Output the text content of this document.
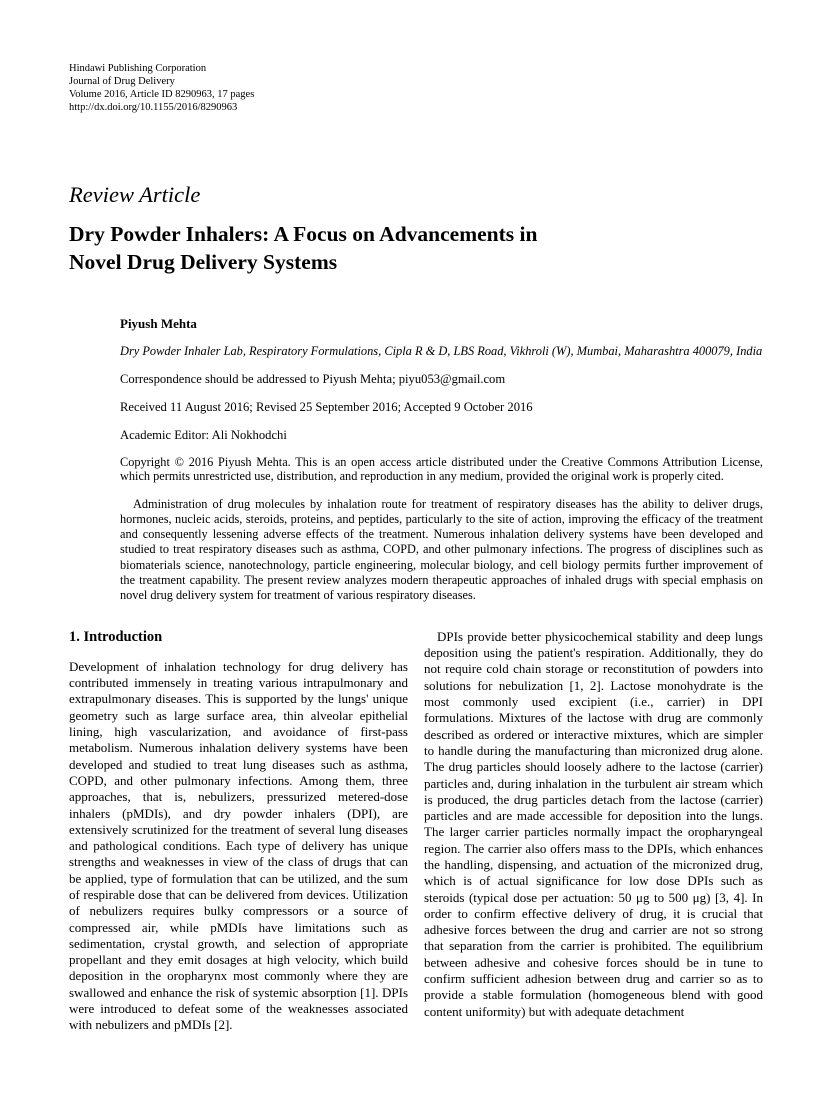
Hindawi Publishing Corporation
Journal of Drug Delivery
Volume 2016, Article ID 8290963, 17 pages
http://dx.doi.org/10.1155/2016/8290963
Review Article
Dry Powder Inhalers: A Focus on Advancements in
Novel Drug Delivery Systems
Piyush Mehta
Dry Powder Inhaler Lab, Respiratory Formulations, Cipla R & D, LBS Road, Vikhroli (W), Mumbai, Maharashtra 400079, India
Correspondence should be addressed to Piyush Mehta; piyu053@gmail.com
Received 11 August 2016; Revised 25 September 2016; Accepted 9 October 2016
Academic Editor: Ali Nokhodchi

Copyright © 2016 Piyush Mehta. This is an open access article distributed under the Creative Commons Attribution License, which permits unrestricted use, distribution, and reproduction in any medium, provided the original work is properly cited.

Administration of drug molecules by inhalation route for treatment of respiratory diseases has the ability to deliver drugs, hormones, nucleic acids, steroids, proteins, and peptides, particularly to the site of action, improving the efficacy of the treatment and consequently lessening adverse effects of the treatment. Numerous inhalation delivery systems have been developed and studied to treat respiratory diseases such as asthma, COPD, and other pulmonary infections. The progress of disciplines such as biomaterials science, nanotechnology, particle engineering, molecular biology, and cell biology permits further improvement of the treatment capability. The present review analyzes modern therapeutic approaches of inhaled drugs with special emphasis on novel drug delivery system for treatment of various respiratory diseases.

1. Introduction

Development of inhalation technology for drug delivery has contributed immensely in treating various intrapulmonary and extrapulmonary diseases. This is supported by the lungs' unique geometry such as large surface area, thin alveolar epithelial lining, high vascularization, and avoidance of first-pass metabolism. Numerous inhalation delivery systems have been developed and studied to treat lung diseases such as asthma, COPD, and other pulmonary infections. Among them, three approaches, that is, nebulizers, pressurized metered-dose inhalers (pMDIs), and dry powder inhalers (DPI), are extensively scrutinized for the treatment of several lung diseases and pathological conditions. Each type of delivery has unique strengths and weaknesses in view of the class of drugs that can be applied, type of formulation that can be utilized, and the sum of respirable dose that can be delivered from devices. Utilization of nebulizers requires bulky compressors or a source of compressed air, while pMDIs have limitations such as sedimentation, crystal growth, and selection of appropriate propellant and they emit dosages at high velocity, which build deposition in the oropharynx most commonly where they are swallowed and enhance the risk of systemic absorption [1]. DPIs were introduced to defeat some of the weaknesses associated with nebulizers and pMDIs [2].

DPIs provide better physicochemical stability and deep lungs deposition using the patient's respiration. Additionally, they do not require cold chain storage or reconstitution of powders into solutions for nebulization [1, 2]. Lactose monohydrate is the most commonly used excipient (i.e., carrier) in DPI formulations. Mixtures of the lactose with drug are commonly described as ordered or interactive mixtures, which are simpler to handle during the manufacturing than micronized drug alone. The drug particles should loosely adhere to the lactose (carrier) particles and, during inhalation in the turbulent air stream which is produced, the drug particles detach from the lactose (carrier) particles and are made accessible for deposition into the lungs. The larger carrier particles normally impact the oropharyngeal region. The carrier also offers mass to the DPIs, which enhances the handling, dispensing, and actuation of the micronized drug, which is of actual significance for low dose DPIs such as steroids (typical dose per actuation: 50 μg to 500 μg) [3, 4]. In order to confirm effective delivery of drug, it is crucial that adhesive forces between the drug and carrier are not so strong that separation from the carrier is prohibited. The equilibrium between adhesive and cohesive forces should be in tune to confirm sufficient adhesion between drug and carrier so as to provide a stable formulation (homogeneous blend with good content uniformity) but with adequate detachment
